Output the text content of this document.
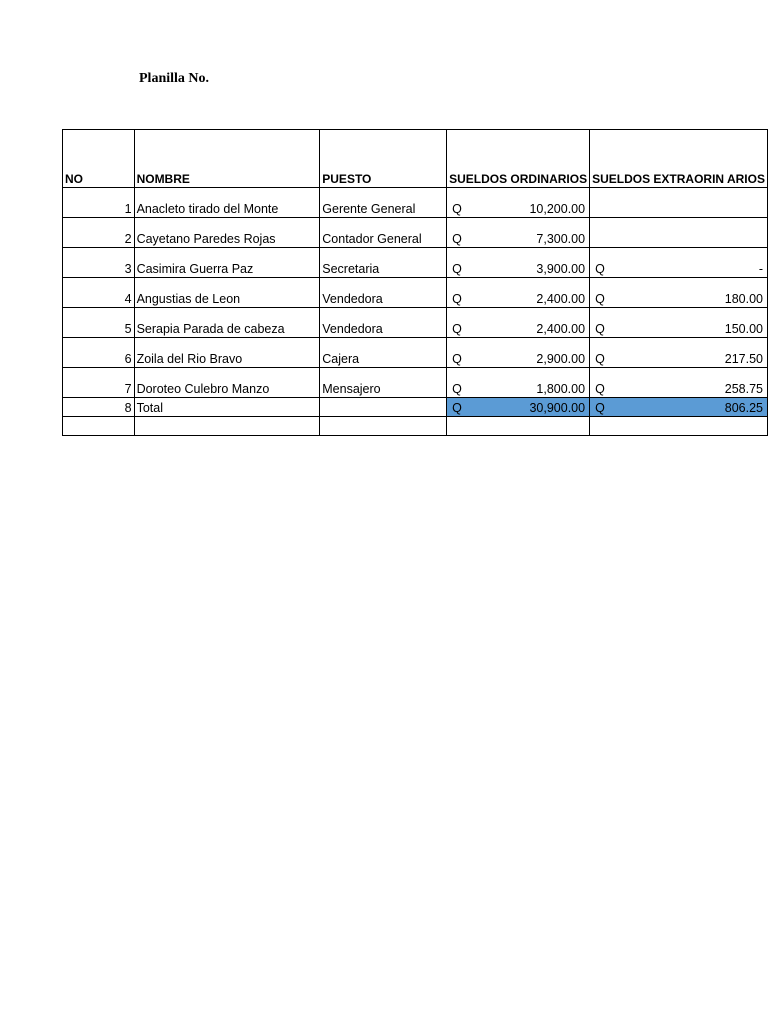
Planilla No.
NO	NOMBRE	PUESTO	SUELDOS ORDINARIOS	SUELDOS EXTRAORIN ARIOS
1	Anacleto tirado del Monte	Gerente General	Q 10,200.00	

2	Cayetano Paredes Rojas	Contador General	Q 7,300.00	

3	Casimira Guerra Paz	Secretaria	Q 3,900.00	Q -

4	Angustias de Leon	Vendedora	Q 2,400.00	Q 180.00

5	Serapia Parada de cabeza	Vendedora	Q 2,400.00	Q 150.00

6	Zoila del Rio Bravo	Cajera	Q 2,900.00	Q 217.50

7	Doroteo Culebro Manzo	Mensajero	Q 1,800.00	Q 258.75

8	Total		Q 30,900.00	Q 806.25
